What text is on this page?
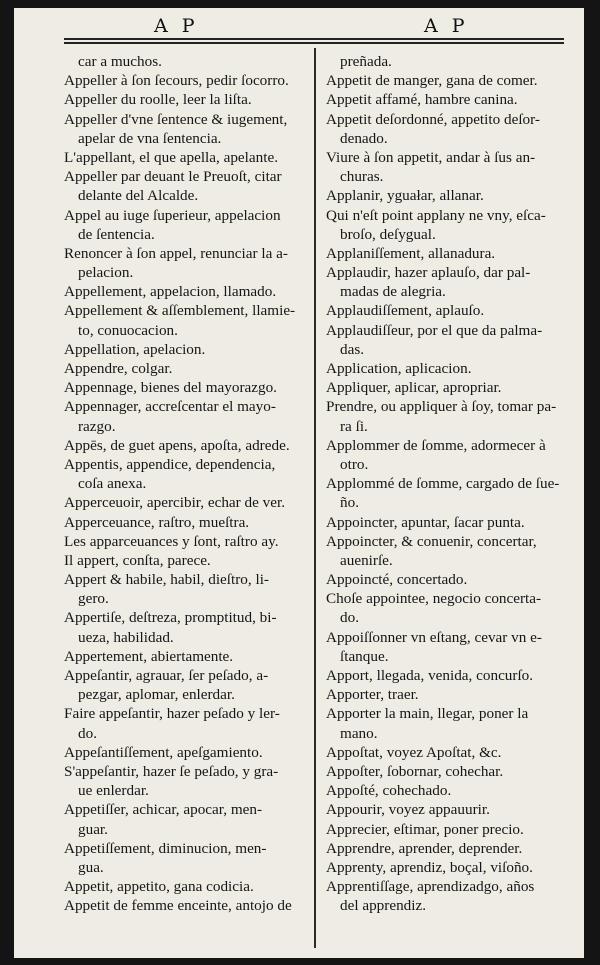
A P	A P
car a muchos.
Appeller à ſon ſecours, pedir ſocorro.
Appeller du roolle, leer la liſta.
Appeller d'vne ſentence & iugement,
apelar de vna ſentencia.
L'appellant, el que apella, apelante.
Appeller par deuant le Preuoſt, citar
delante del Alcalde.
Appel au iuge ſuperieur, appelacion
de ſentencia.
Renoncer à ſon appel, renunciar la a-
pelacion.
Appellement, appelacion, llamado.
Appellement & aſſemblement, llamie-
to, conuocacion.
Appellation, apelacion.
Appendre, colgar.
Appennage, bienes del mayorazgo.
Appennager, accreſcentar el mayo-
razgo.
Appēs, de guet apens, apoſta, adrede.
Appentis, appendice, dependencia,
coſa anexa.
Apperceuoir, apercibir, echar de ver.
Apperceuance, raſtro, mueſtra.
Les apparceuances y ſont, raſtro ay.
Il appert, conſta, parece.
Appert & habile, habil, dieſtro, li-
gero.
Appertiſe, deſtreza, promptitud, bi-
ueza, habilidad.
Appertement, abiertamente.
Appeſantir, agrauar, ſer peſado, a-
pezgar, aplomar, enlerdar.
Faire appeſantir, hazer peſado y ler-
do.
Appeſantiſſement, apeſgamiento.
S'appeſantir, hazer ſe peſado, y gra-
ue enlerdar.
Appetiſſer, achicar, apocar, men-
guar.
Appetiſſement, diminucion, men-
gua.
Appetit, appetito, gana codicia.
Appetit de femme enceinte, antojo de
preñada.
Appetit de manger, gana de comer.
Appetit affamé, hambre canina.
Appetit deſordonné, appetito deſor-
denado.
Viure à ſon appetit, andar à ſus an-
churas.
Applanir, yguałar, allanar.
Qui n'eſt point applany ne vny, eſca-
broſo, deſygual.
Applaniſſement, allanadura.
Applaudir, hazer aplauſo, dar pal-
madas de alegria.
Applaudiſſement, aplauſo.
Applaudiſſeur, por el que da palma-
das.
Application, aplicacion.
Appliquer, aplicar, apropriar.
Prendre, ou appliquer à ſoy, tomar pa-
ra ſi.
Applommer de ſomme, adormecer à
otro.
Applommé de ſomme, cargado de ſue-
ño.
Appoincter, apuntar, ſacar punta.
Appoincter, & conuenir, concertar,
auenirſe.
Appoincté, concertado.
Choſe appointee, negocio concerta-
do.
Appoiſſonner vn eſtang, cevar vn e-
ſtanque.
Apport, llegada, venida, concurſo.
Apporter, traer.
Apporter la main, llegar, poner la
mano.
Appoſtat, voyez Apoſtat, &c.
Appoſter, ſobornar, cohechar.
Appoſté, cohechado.
Appourir, voyez appauurir.
Apprecier, eſtimar, poner precio.
Apprendre, aprender, deprender.
Apprenty, aprendiz, boçal, viſoño.
Apprentiſſage, aprendizadgo, años
del apprendiz.
